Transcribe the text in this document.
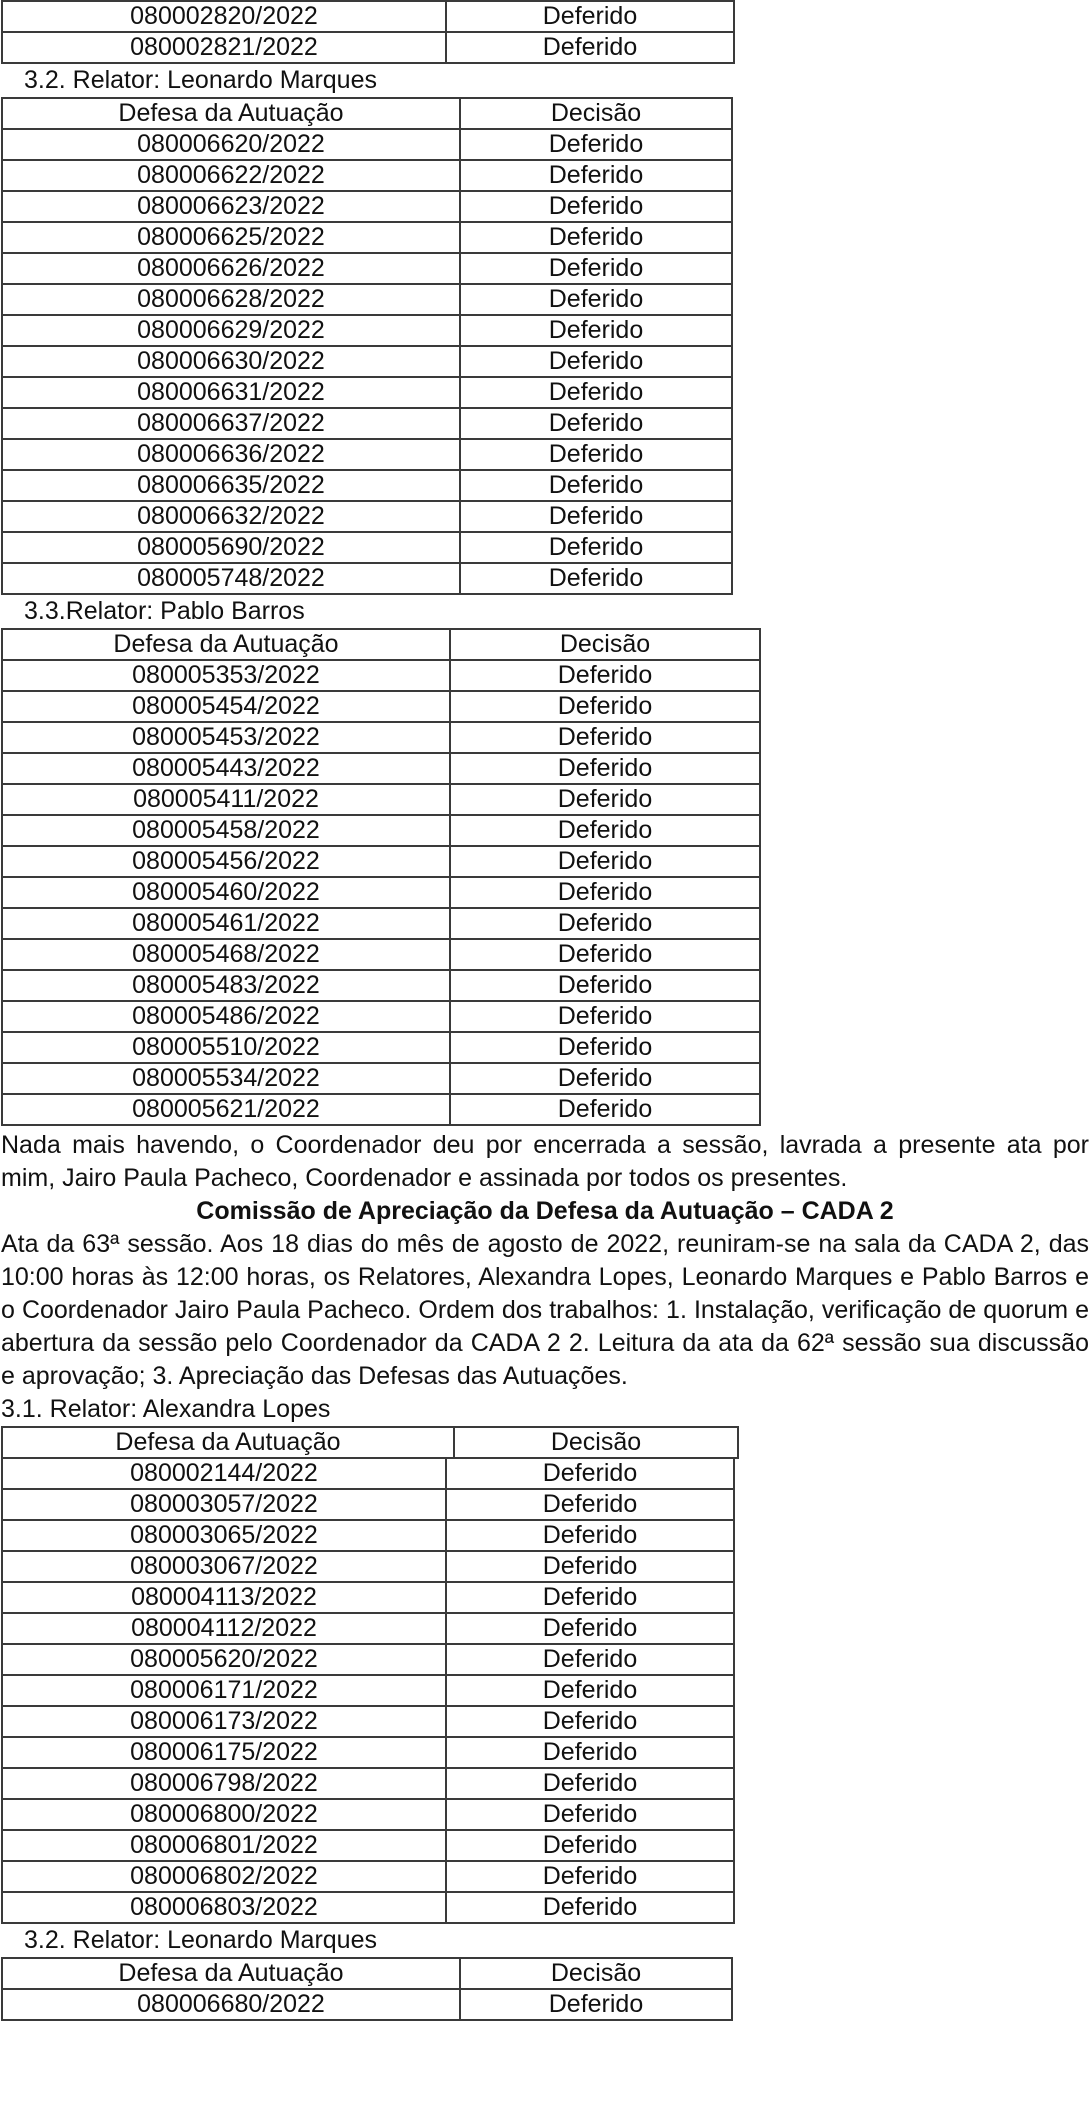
080002820/2022	Deferido
080002821/2022	Deferido
3.2. Relator: Leonardo Marques
Defesa da Autuação	Decisão
080006620/2022	Deferido
080006622/2022	Deferido
080006623/2022	Deferido
080006625/2022	Deferido
080006626/2022	Deferido
080006628/2022	Deferido
080006629/2022	Deferido
080006630/2022	Deferido
080006631/2022	Deferido
080006637/2022	Deferido
080006636/2022	Deferido
080006635/2022	Deferido
080006632/2022	Deferido
080005690/2022	Deferido
080005748/2022	Deferido
3.3.Relator: Pablo Barros
Defesa da Autuação	Decisão
080005353/2022	Deferido
080005454/2022	Deferido
080005453/2022	Deferido
080005443/2022	Deferido
080005411/2022	Deferido
080005458/2022	Deferido
080005456/2022	Deferido
080005460/2022	Deferido
080005461/2022	Deferido
080005468/2022	Deferido
080005483/2022	Deferido
080005486/2022	Deferido
080005510/2022	Deferido
080005534/2022	Deferido
080005621/2022	Deferido

Nada mais havendo, o Coordenador deu por encerrada a sessão, lavrada a presente ata por mim, Jairo Paula Pacheco, Coordenador e assinada por todos os presentes.

Comissão de Apreciação da Defesa da Autuação – CADA 2

Ata da 63ª sessão. Aos 18 dias do mês de agosto de 2022, reuniram-se na sala da CADA 2, das 10:00 horas às 12:00 horas, os Relatores, Alexandra Lopes, Leonardo Marques e Pablo Barros e o Coordenador Jairo Paula Pacheco. Ordem dos trabalhos: 1. Instalação, verificação de quorum e abertura da sessão pelo Coordenador da CADA 2 2. Leitura da ata da 62ª sessão sua discussão e aprovação; 3. Apreciação das Defesas das Autuações.

3.1. Relator: Alexandra Lopes
Defesa da Autuação	Decisão
080002144/2022	Deferido
080003057/2022	Deferido
080003065/2022	Deferido
080003067/2022	Deferido
080004113/2022	Deferido
080004112/2022	Deferido
080005620/2022	Deferido
080006171/2022	Deferido
080006173/2022	Deferido
080006175/2022	Deferido
080006798/2022	Deferido
080006800/2022	Deferido
080006801/2022	Deferido
080006802/2022	Deferido
080006803/2022	Deferido
3.2. Relator: Leonardo Marques
Defesa da Autuação	Decisão
080006680/2022	Deferido
